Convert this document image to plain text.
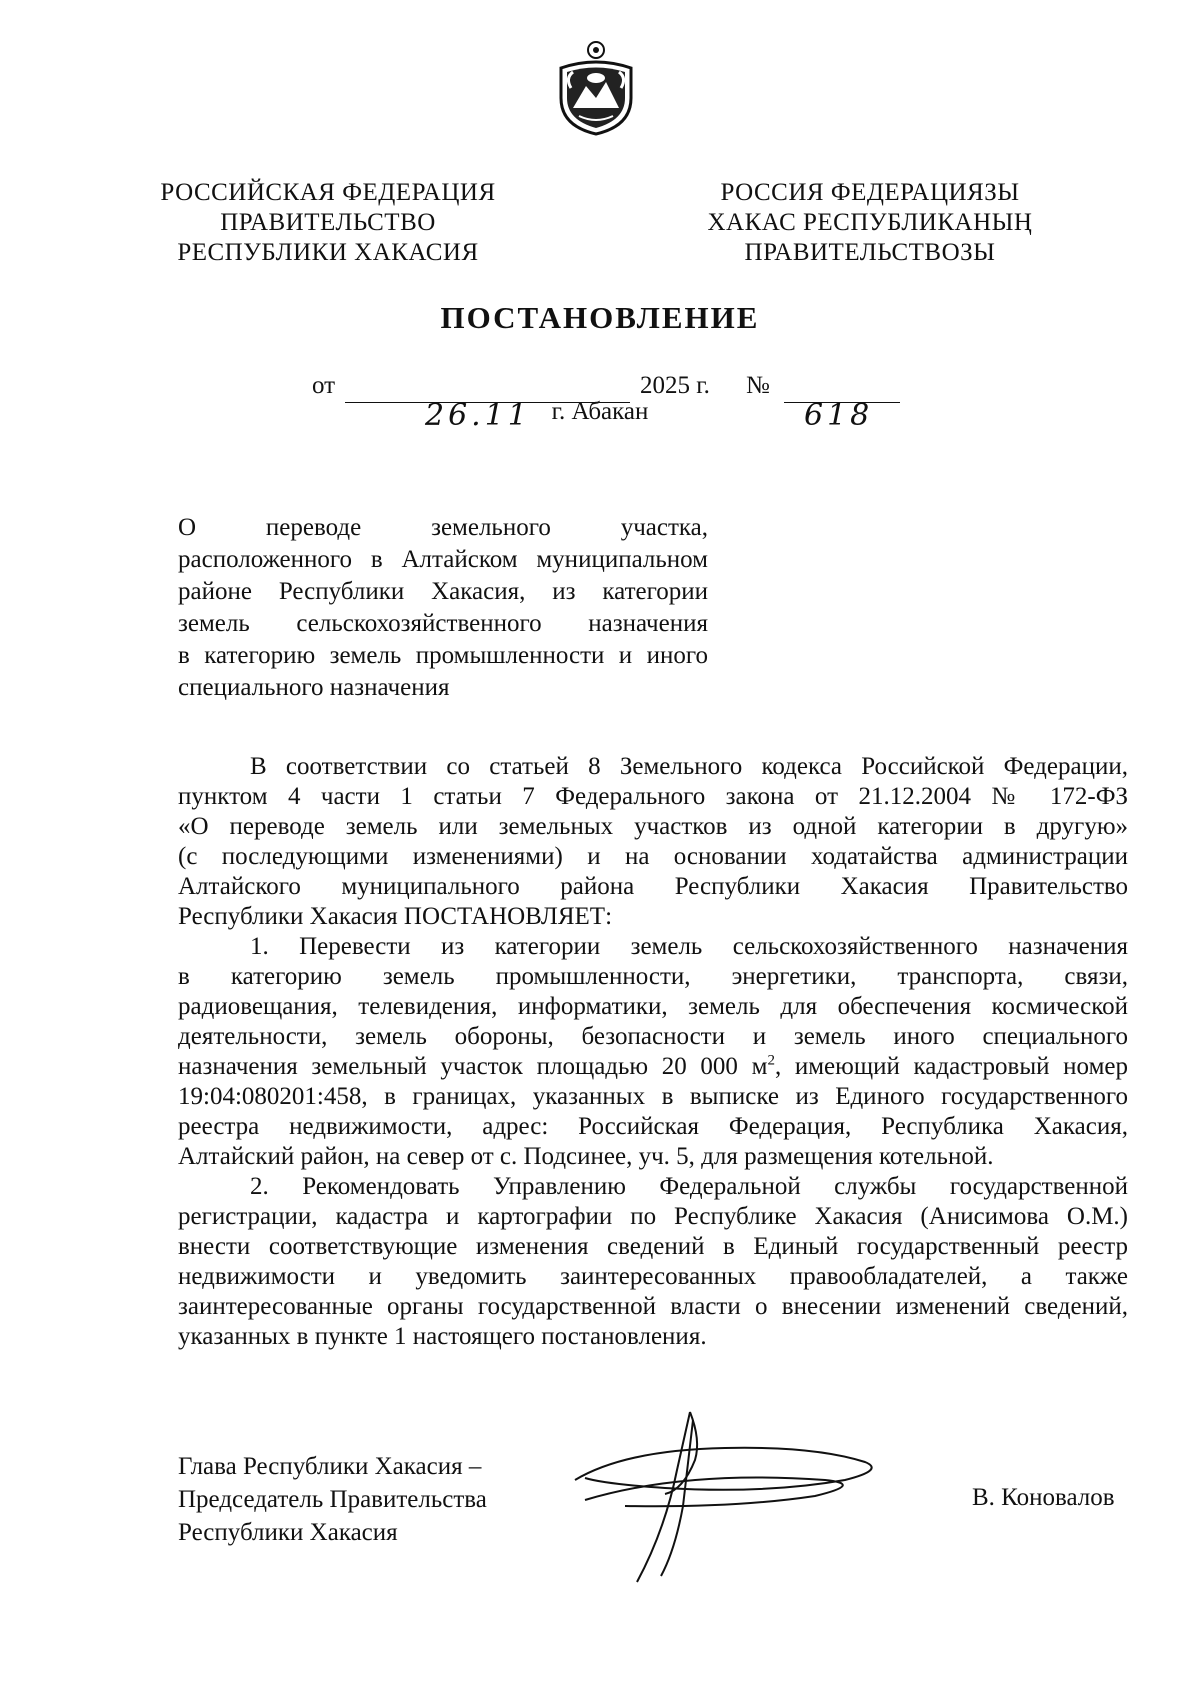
РОССИЙСКАЯ ФЕДЕРАЦИЯ
ПРАВИТЕЛЬСТВО
РЕСПУБЛИКИ ХАКАСИЯ
РОССИЯ ФЕДЕРАЦИЯЗЫ
ХАКАС РЕСПУБЛИКАНЫҢ
ПРАВИТЕЛЬСТВОЗЫ
ПОСТАНОВЛЕНИЕ
от
26.11
2025 г. №
618
г. Абакан
О переводе земельного участка,
расположенного в Алтайском муниципальном
районе Республики Хакасия, из категории
земель сельскохозяйственного назначения
в категорию земель промышленности и иного
специального назначения
В соответствии со статьей 8 Земельного кодекса Российской Федерации,
пунктом 4 части 1 статьи 7 Федерального закона от 21.12.2004 № 172-ФЗ
«О переводе земель или земельных участков из одной категории в другую»
(с последующими изменениями) и на основании ходатайства администрации
Алтайского муниципального района Республики Хакасия Правительство
Республики Хакасия ПОСТАНОВЛЯЕТ:
1. Перевести из категории земель сельскохозяйственного назначения
в категорию земель промышленности, энергетики, транспорта, связи,
радиовещания, телевидения, информатики, земель для обеспечения космической
деятельности, земель обороны, безопасности и земель иного специального
назначения земельный участок площадью 20 000 $м^2$, имеющий кадастровый номер
19:04:080201:458, в границах, указанных в выписке из Единого государственного
реестра недвижимости, адрес: Российская Федерация, Республика Хакасия,
Алтайский район, на север от с. Подсинее, уч. 5, для размещения котельной.
2. Рекомендовать Управлению Федеральной службы государственной
регистрации, кадастра и картографии по Республике Хакасия (Анисимова О.М.)
внести соответствующие изменения сведений в Единый государственный реестр
недвижимости и уведомить заинтересованных правообладателей, а также
заинтересованные органы государственной власти о внесении изменений сведений,
указанных в пункте 1 настоящего постановления.
Глава Республики Хакасия –
Председатель Правительства
Республики Хакасия
В. Коновалов
